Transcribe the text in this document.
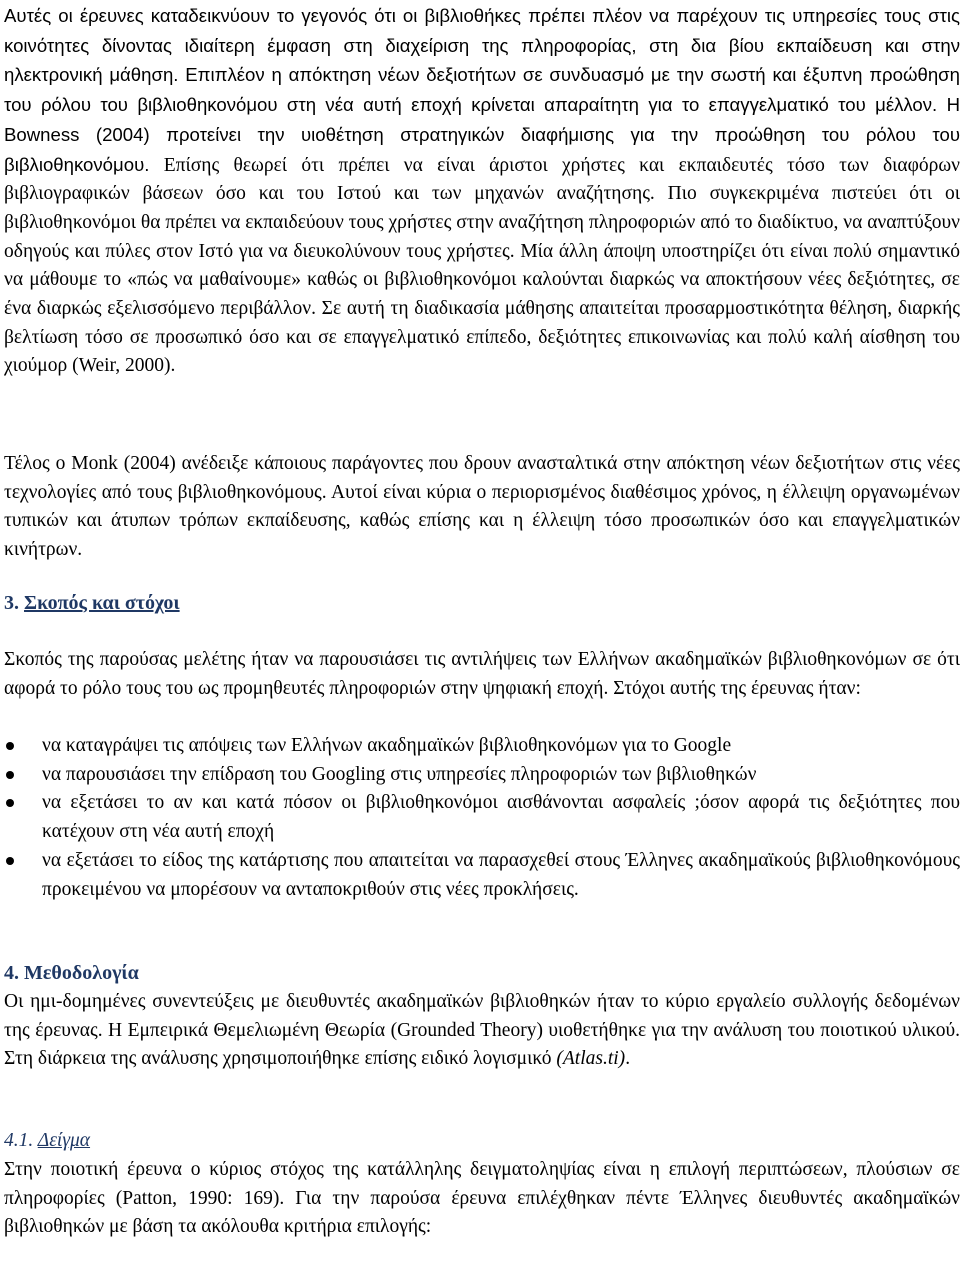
Αυτές οι έρευνες καταδεικνύουν το γεγονός ότι οι βιβλιοθήκες πρέπει πλέον να παρέχουν τις υπηρεσίες τους στις κοινότητες δίνοντας ιδιαίτερη έμφαση στη διαχείριση της πληροφορίας, στη δια βίου εκπαίδευση και στην ηλεκτρονική μάθηση. Επιπλέον η απόκτηση νέων δεξιοτήτων σε συνδυασμό με την σωστή και έξυπνη προώθηση του ρόλου του βιβλιοθηκονόμου στη νέα αυτή εποχή κρίνεται απαραίτητη για το επαγγελματικό του μέλλον. Η Bowness (2004) προτείνει την υιοθέτηση στρατηγικών διαφήμισης για την προώθηση του ρόλου του βιβλιοθηκονόμου. Επίσης θεωρεί ότι πρέπει να είναι άριστοι χρήστες και εκπαιδευτές τόσο των διαφόρων βιβλιογραφικών βάσεων όσο και του Ιστού και των μηχανών αναζήτησης. Πιο συγκεκριμένα πιστεύει ότι οι βιβλιοθηκονόμοι θα πρέπει να εκπαιδεύουν τους χρήστες στην αναζήτηση πληροφοριών από το διαδίκτυο, να αναπτύξουν οδηγούς και πύλες στον Ιστό για να διευκολύνουν τους χρήστες. Μία άλλη άποψη υποστηρίζει ότι είναι πολύ σημαντικό να μάθουμε το «πώς να μαθαίνουμε» καθώς οι βιβλιοθηκονόμοι καλούνται διαρκώς να αποκτήσουν νέες δεξιότητες, σε ένα διαρκώς εξελισσόμενο περιβάλλον. Σε αυτή τη διαδικασία μάθησης απαιτείται προσαρμοστικότητα θέληση, διαρκής βελτίωση τόσο σε προσωπικό όσο και σε επαγγελματικό επίπεδο, δεξιότητες επικοινωνίας και πολύ καλή αίσθηση του χιούμορ (Weir, 2000).

Τέλος ο Monk (2004) ανέδειξε κάποιους παράγοντες που δρουν ανασταλτικά στην απόκτηση νέων δεξιοτήτων στις νέες τεχνολογίες από τους βιβλιοθηκονόμους. Αυτοί είναι κύρια ο περιορισμένος διαθέσιμος χρόνος, η έλλειψη οργανωμένων τυπικών και άτυπων τρόπων εκπαίδευσης, καθώς επίσης και η έλλειψη τόσο προσωπικών όσο και επαγγελματικών κινήτρων.

3. Σκοπός και στόχοι

Σκοπός της παρούσας μελέτης ήταν να παρουσιάσει τις αντιλήψεις των Ελλήνων ακαδημαϊκών βιβλιοθηκονόμων σε ότι αφορά το ρόλο τους του ως προμηθευτές πληροφοριών στην ψηφιακή εποχή. Στόχοι αυτής της έρευνας ήταν:

να καταγράψει τις απόψεις των Ελλήνων ακαδημαϊκών βιβλιοθηκονόμων για το Google
να παρουσιάσει την επίδραση του Googling στις υπηρεσίες πληροφοριών των βιβλιοθηκών
να εξετάσει το αν και κατά πόσον οι βιβλιοθηκονόμοι αισθάνονται ασφαλείς ;όσον αφορά τις δεξιότητες που κατέχουν στη νέα αυτή εποχή
να εξετάσει το είδος της κατάρτισης που απαιτείται να παρασχεθεί στους Έλληνες ακαδημαϊκούς βιβλιοθηκονόμους προκειμένου να μπορέσουν να ανταποκριθούν στις νέες προκλήσεις.
4. Μεθοδολογία

Οι ημι-δομημένες συνεντεύξεις με διευθυντές ακαδημαϊκών βιβλιοθηκών ήταν το κύριο εργαλείο συλλογής δεδομένων της έρευνας. Η Εμπειρικά Θεμελιωμένη Θεωρία (Grounded Theory) υιοθετήθηκε για την ανάλυση του ποιοτικού υλικού. Στη διάρκεια της ανάλυσης χρησιμοποιήθηκε επίσης ειδικό λογισμικό (Atlas.ti).

4.1. Δείγμα

Στην ποιοτική έρευνα ο κύριος στόχος της κατάλληλης δειγματοληψίας είναι η επιλογή περιπτώσεων, πλούσιων σε πληροφορίες (Patton, 1990: 169). Για την παρούσα έρευνα επιλέχθηκαν πέντε Έλληνες διευθυντές ακαδημαϊκών βιβλιοθηκών με βάση τα ακόλουθα κριτήρια επιλογής:
